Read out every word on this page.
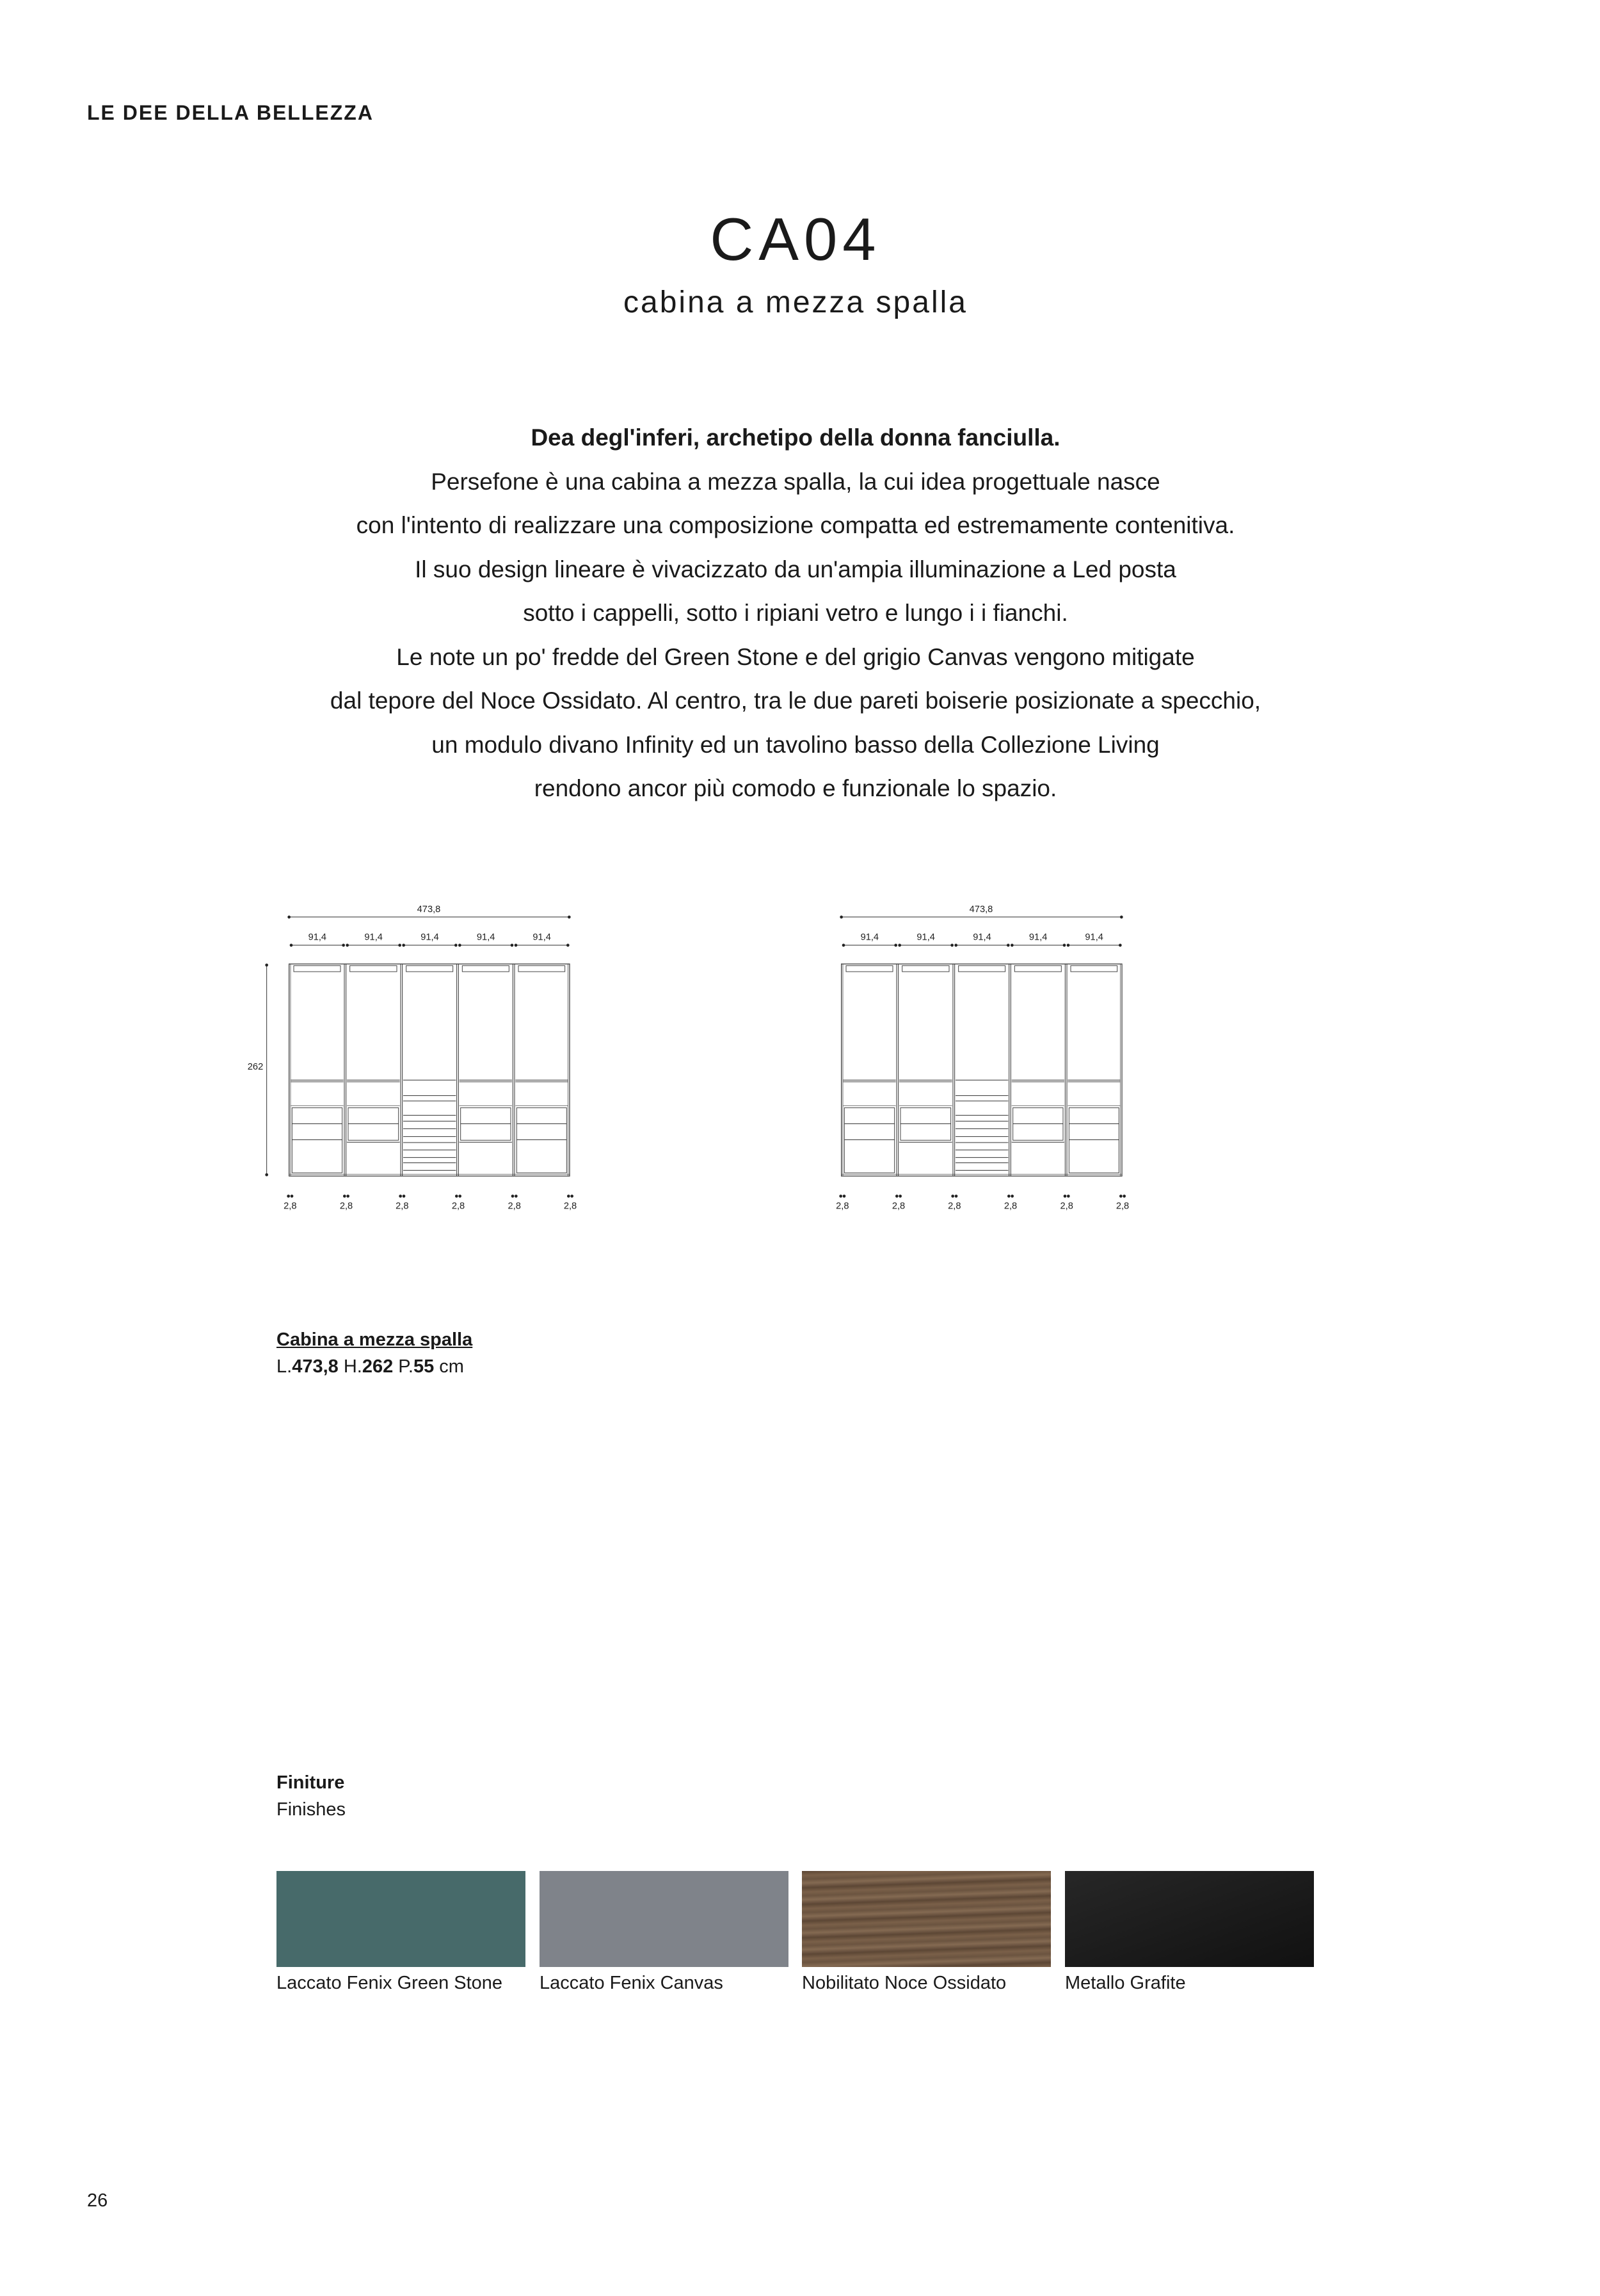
LE DEE DELLA BELLEZZA
CA04
cabina a mezza spalla
Dea degl'inferi, archetipo della donna fanciulla.
Persefone è una cabina a mezza spalla, la cui idea progettuale nasce
con l'intento di realizzare una composizione compatta ed estremamente contenitiva.
Il suo design lineare è vivacizzato da un'ampia illuminazione a Led posta
sotto i cappelli, sotto i ripiani vetro e lungo i i fianchi.
Le note un po' fredde del Green Stone e del grigio Canvas vengono mitigate
dal tepore del Noce Ossidato. Al centro, tra le due pareti boiserie posizionate a specchio,
un modulo divano Infinity ed un tavolino basso della Collezione Living
rendono ancor più comodo e funzionale lo spazio.
473,8
91,4 91,4 91,4 91,4 91,4
262
2,8 2,8 2,8 2,8 2,8 2,8
473,8
91,4 91,4 91,4 91,4 91,4
2,8 2,8 2,8 2,8 2,8 2,8
Cabina a mezza spalla
L.473,8 H.262 P.55 cm
Finiture
Finishes
Laccato Fenix Green Stone Laccato Fenix Canvas	Nobilitato Noce Ossidato	Metallo Grafite
26
